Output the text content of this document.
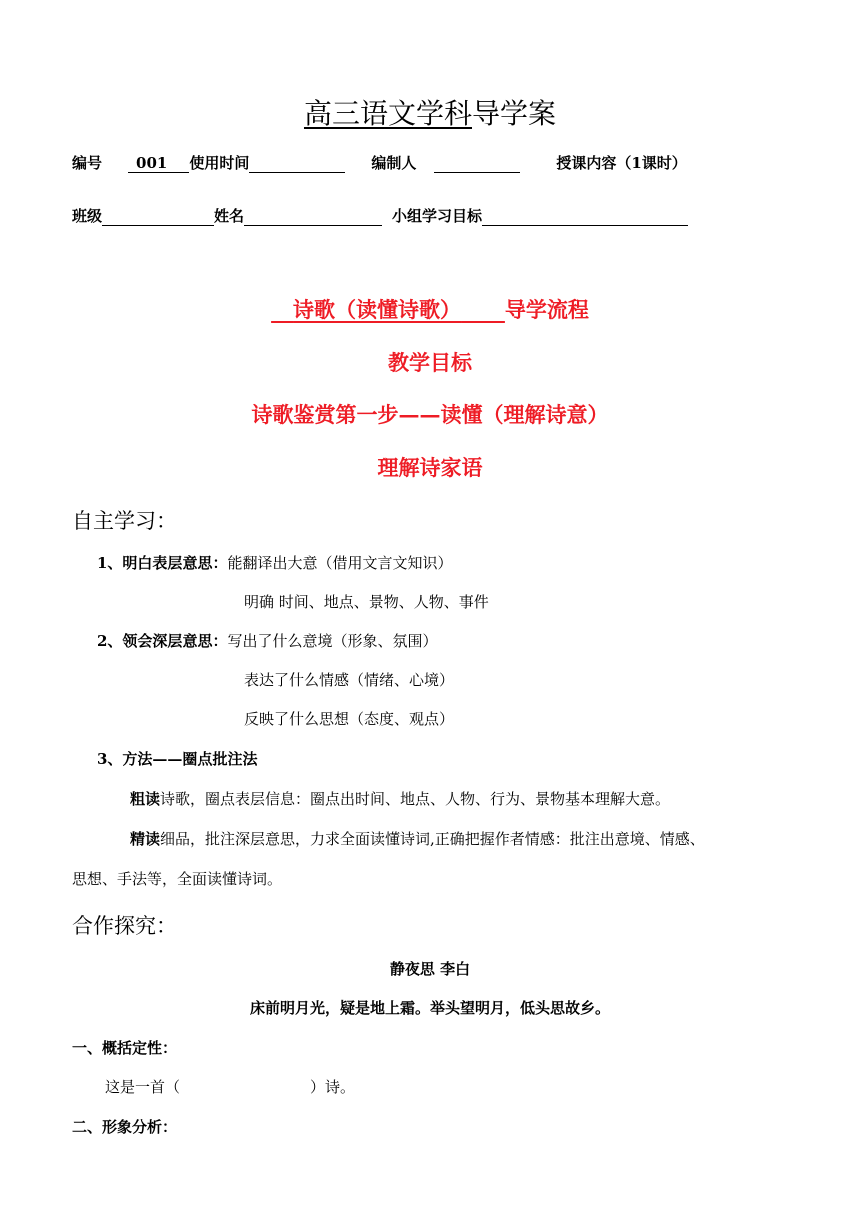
高三语文学科导学案
编号 001 使用时间	编制人	授课内容（1课时）
班级	姓名	小组学习目标
诗歌（读懂诗歌） 导学流程
教学目标
诗歌鉴赏第一步——读懂（理解诗意）
理解诗家语
自主学习：
1、明白表层意思：能翻译出大意（借用文言文知识）
明确 时间、地点、景物、人物、事件
2、领会深层意思：写出了什么意境（形象、氛围）
表达了什么情感（情绪、心境）
反映了什么思想（态度、观点）
3、方法——圈点批注法
粗读诗歌，圈点表层信息：圈点出时间、地点、人物、行为、景物基本理解大意。
精读细品，批注深层意思，力求全面读懂诗词,正确把握作者情感：批注出意境、情感、
思想、手法等，全面读懂诗词。
合作探究：
静夜思 李白
床前明月光，疑是地上霜。举头望明月，低头思故乡。
一、概括定性：
这是一首（	）诗。
二、形象分析：
